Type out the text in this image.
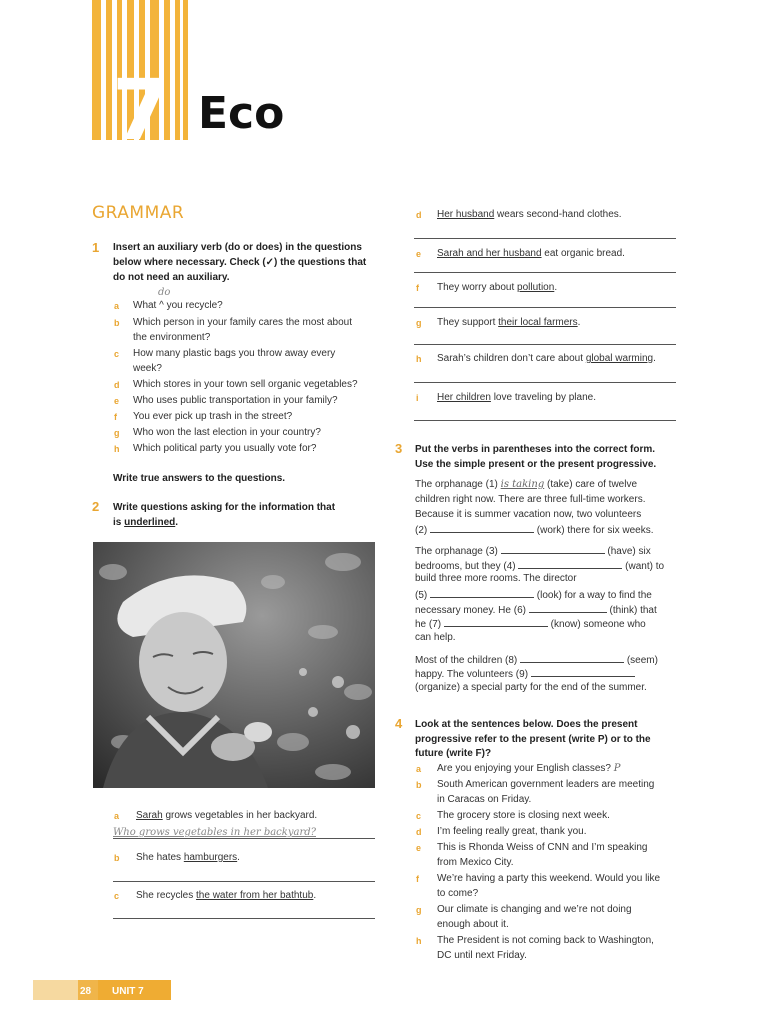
7 Eco
GRAMMAR
1 Insert an auxiliary verb (do or does) in the questions
below where necessary. Check (✓) the questions that
do not need an auxiliary.
do
a What ^ you recycle?
b Which person in your family cares the most about
the environment?
c How many plastic bags you throw away every
week?
d Which stores in your town sell organic vegetables?
e Who uses public transportation in your family?
f You ever pick up trash in the street?
g Who won the last election in your country?
h Which political party you usually vote for?
Write true answers to the questions.
2 Write questions asking for the information that
is underlined.
a Sarah grows vegetables in her backyard.
Who grows vegetables in her backyard?
b She hates hamburgers.
c She recycles the water from her bathtub.
d Her husband wears second-hand clothes.
e Sarah and her husband eat organic bread.
f They worry about pollution.
g They support their local farmers.
h Sarah’s children don’t care about global warming.
i Her children love traveling by plane.
3 Put the verbs in parentheses into the correct form.
Use the simple present or the present progressive.
The orphanage (1) is taking (take) care of twelve
children right now. There are three full-time workers.
Because it is summer vacation now, two volunteers
(2)	(work) there for six weeks.
The orphanage (3)	(have) six
bedrooms, but they (4)	(want) to
build three more rooms. The director
(5)	(look) for a way to find the
necessary money. He (6)	(think) that
he (7)	(know) someone who
can help.
Most of the children (8)	(seem)
happy. The volunteers (9)
(organize) a special party for the end of the summer.
4 Look at the sentences below. Does the present
progressive refer to the present (write P) or to the
future (write F)?
a Are you enjoying your English classes? P
b South American government leaders are meeting
in Caracas on Friday.
c The grocery store is closing next week.
d I’m feeling really great, thank you.
e This is Rhonda Weiss of CNN and I’m speaking
from Mexico City.
f We’re having a party this weekend. Would you like
to come?
g Our climate is changing and we’re not doing
enough about it.
h The President is not coming back to Washington,
DC until next Friday.
28 UNIT 7
